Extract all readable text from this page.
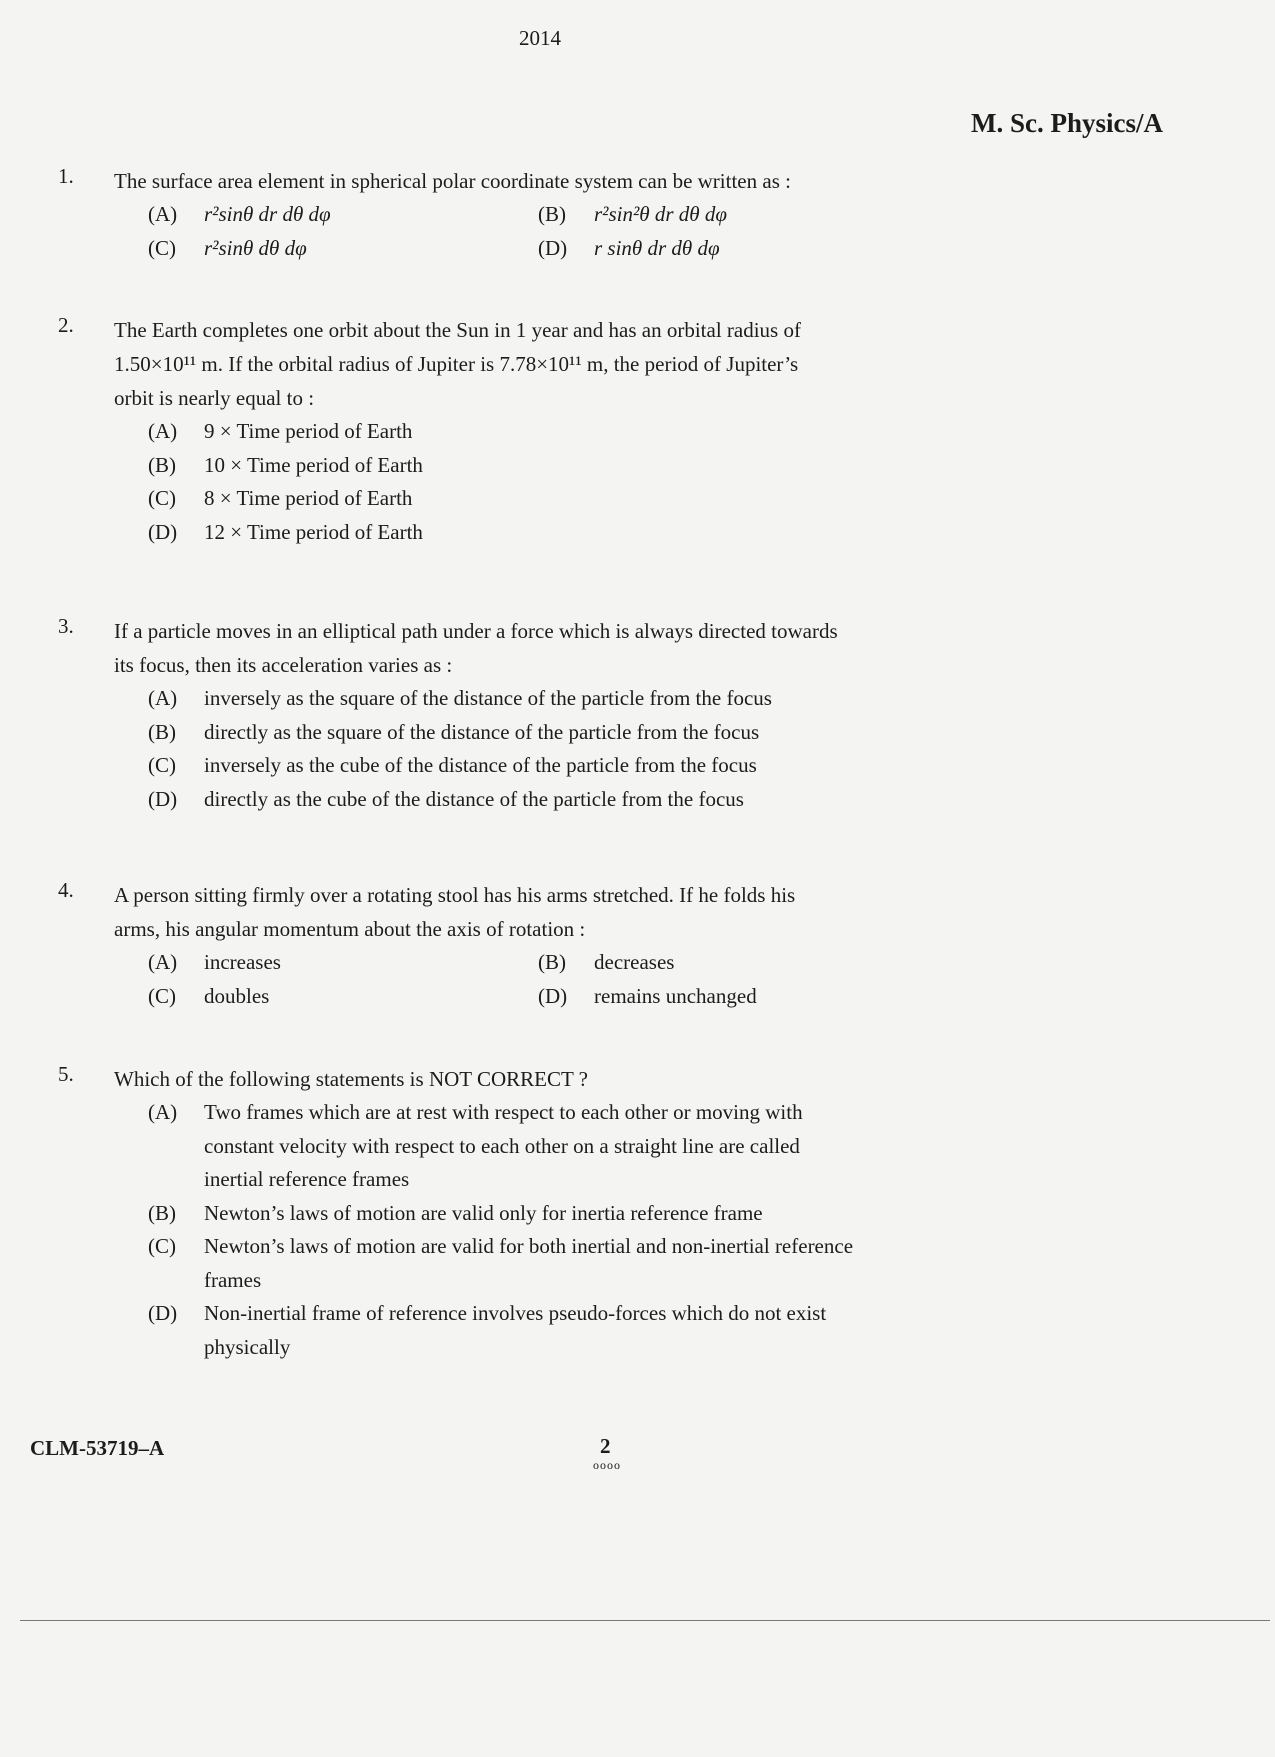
2014
M. Sc. Physics/A
1. The surface area element in spherical polar coordinate system can be written as :
(A) r²sinθ dr dθ dφ	(B) r²sin²θ dr dθ dφ
(C) r²sinθ dθ dφ	(D) r sinθ dr dθ dφ
2. The Earth completes one orbit about the Sun in 1 year and has an orbital radius of
1.50×10¹¹ m. If the orbital radius of Jupiter is 7.78×10¹¹ m, the period of Jupiter’s
orbit is nearly equal to :
(A) 9 × Time period of Earth
(B) 10 × Time period of Earth
(C) 8 × Time period of Earth
(D) 12 × Time period of Earth
3. If a particle moves in an elliptical path under a force which is always directed towards
its focus, then its acceleration varies as :
(A) inversely as the square of the distance of the particle from the focus
(B) directly as the square of the distance of the particle from the focus
(C) inversely as the cube of the distance of the particle from the focus
(D) directly as the cube of the distance of the particle from the focus
4. A person sitting firmly over a rotating stool has his arms stretched. If he folds his
arms, his angular momentum about the axis of rotation :
(A) increases	(B) decreases
(C) doubles	(D) remains unchanged
5. Which of the following statements is NOT CORRECT ?
(A) Two frames which are at rest with respect to each other or moving with
constant velocity with respect to each other on a straight line are called
inertial reference frames
(B) Newton’s laws of motion are valid only for inertia reference frame
(C) Newton’s laws of motion are valid for both inertial and non-inertial reference
frames
(D) Non-inertial frame of reference involves pseudo-forces which do not exist
physically
CLM-53719–A	2
oooo
